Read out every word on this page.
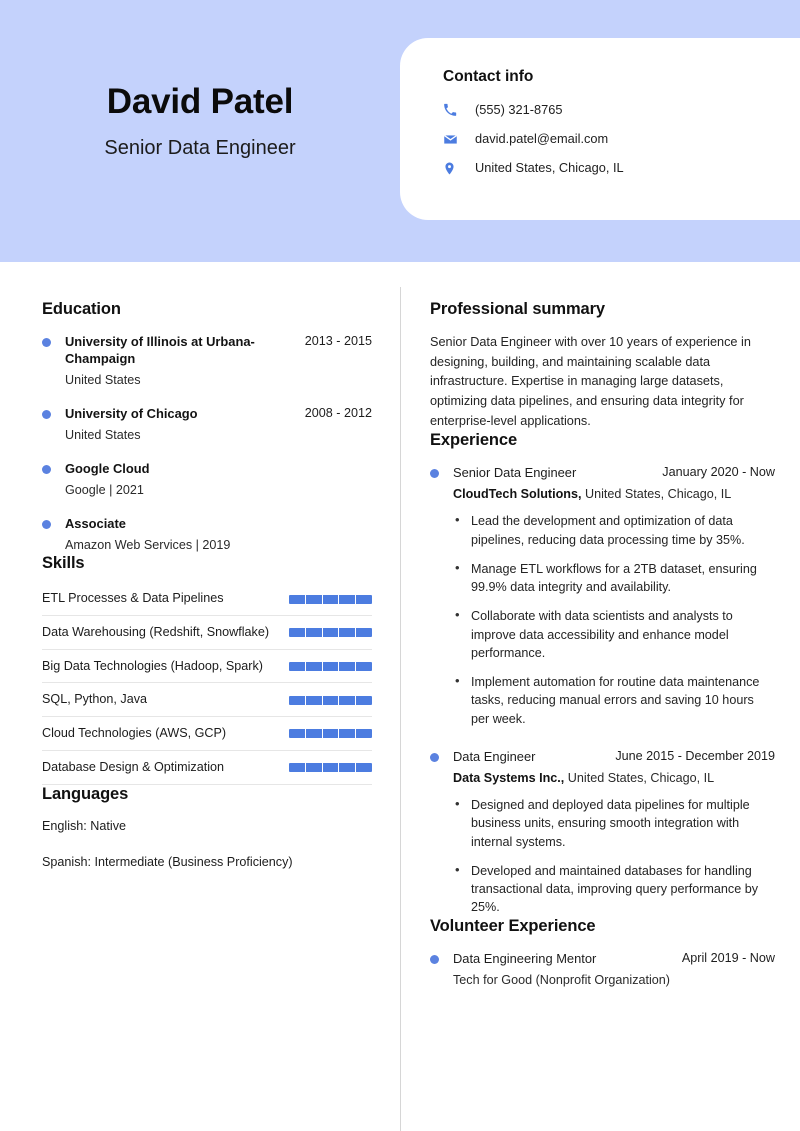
David Patel
Senior Data Engineer
Contact info
(555) 321-8765
david.patel@email.com
United States, Chicago, IL
Education
University of Illinois at Urbana-Champaign
2013 - 2015
United States
University of Chicago	2008 - 2012
United States
Google Cloud
Google | 2021
Associate
Amazon Web Services | 2019
Skills
ETL Processes & Data Pipelines
Data Warehousing (Redshift, Snowflake)
Big Data Technologies (Hadoop, Spark)
SQL, Python, Java
Cloud Technologies (AWS, GCP)
Database Design & Optimization
Languages
English: Native
Spanish: Intermediate (Business Proficiency)
Professional summary

Senior Data Engineer with over 10 years of experience in designing, building, and maintaining scalable data infrastructure. Expertise in managing large datasets, optimizing data pipelines, and ensuring data integrity for enterprise-level applications.

Experience
Senior Data Engineer	January 2020 - Now
CloudTech Solutions, United States, Chicago, IL
• Lead the development and optimization of data pipelines, reducing data processing time by 35%.
• Manage ETL workflows for a 2TB dataset, ensuring 99.9% data integrity and availability.
• Collaborate with data scientists and analysts to improve data accessibility and enhance model performance.
• Implement automation for routine data maintenance tasks, reducing manual errors and saving 10 hours per week.
Data Engineer	June 2015 - December 2019
Data Systems Inc., United States, Chicago, IL
• Designed and deployed data pipelines for multiple business units, ensuring smooth integration with internal systems.
• Developed and maintained databases for handling transactional data, improving query performance by 25%.
Volunteer Experience
Data Engineering Mentor	April 2019 - Now
Tech for Good (Nonprofit Organization)
